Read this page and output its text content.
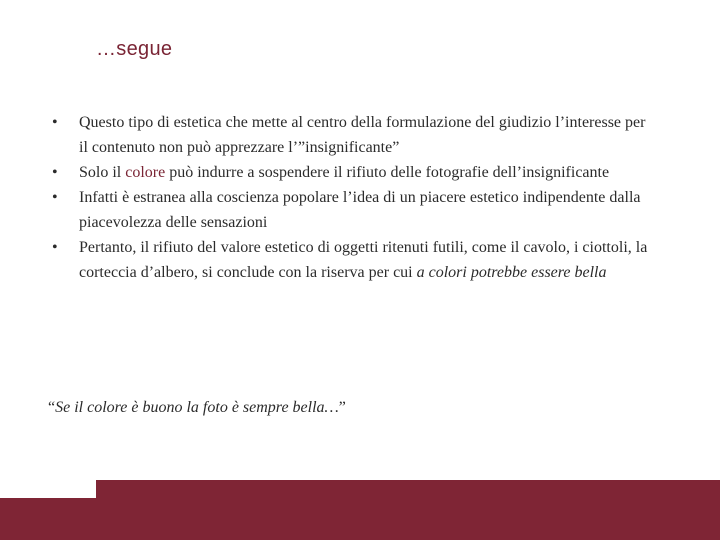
…segue
• Questo tipo di estetica che mette al centro della formulazione del giudizio l’interesse per il contenuto non può apprezzare l’”insignificante”
• Solo il colore può indurre a sospendere il rifiuto delle fotografie dell’insignificante
• Infatti è estranea alla coscienza popolare l’idea di un piacere estetico indipendente dalla piacevolezza delle sensazioni
• Pertanto, il rifiuto del valore estetico di oggetti ritenuti futili, come il cavolo, i ciottoli, la corteccia d’albero, si conclude con la riserva per cui a colori potrebbe essere bella
“Se il colore è buono la foto è sempre bella…”
